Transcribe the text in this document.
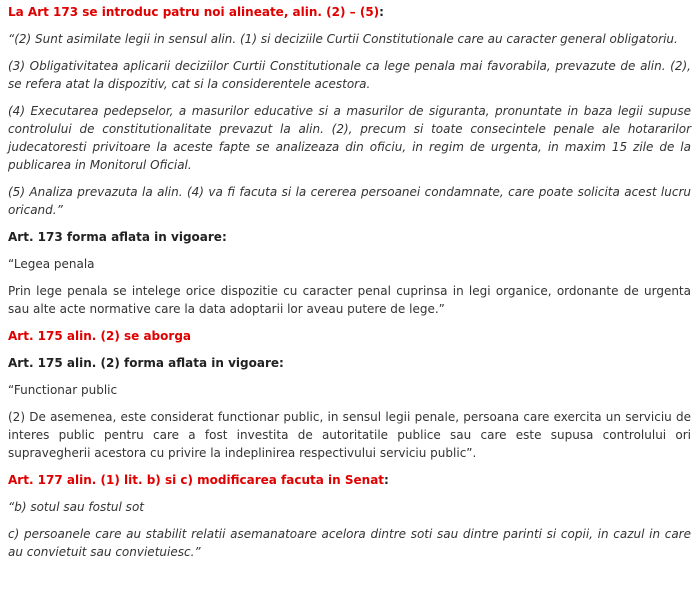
La Art 173 se introduc patru noi alineate, alin. (2) – (5):

“(2) Sunt asimilate legii in sensul alin. (1) si deciziile Curtii Constitutionale care au caracter general obligatoriu.

(3) Obligativitatea aplicarii deciziilor Curtii Constitutionale ca lege penala mai favorabila, prevazute de alin. (2), se refera atat la dispozitiv, cat si la considerentele acestora.

(4) Executarea pedepselor, a masurilor educative si a masurilor de siguranta, pronuntate in baza legii supuse controlului de constitutionalitate prevazut la alin. (2), precum si toate consecintele penale ale hotararilor judecatoresti privitoare la aceste fapte se analizeaza din oficiu, in regim de urgenta, in maxim 15 zile de la publicarea in Monitorul Oficial.

(5) Analiza prevazuta la alin. (4) va fi facuta si la cererea persoanei condamnate, care poate solicita acest lucru oricand.”

Art. 173 forma aflata in vigoare:

“Legea penala

Prin lege penala se intelege orice dispozitie cu caracter penal cuprinsa in legi organice, ordonante de urgenta sau alte acte normative care la data adoptarii lor aveau putere de lege.”

Art. 175 alin. (2) se aborga

Art. 175 alin. (2) forma aflata in vigoare:

“Functionar public

(2) De asemenea, este considerat functionar public, in sensul legii penale, persoana care exercita un serviciu de interes public pentru care a fost investita de autoritatile publice sau care este supusa controlului ori supravegherii acestora cu privire la indeplinirea respectivului serviciu public”.

Art. 177 alin. (1) lit. b) si c) modificarea facuta in Senat:

“b) sotul sau fostul sot

c) persoanele care au stabilit relatii asemanatoare acelora dintre soti sau dintre parinti si copii, in cazul in care au convietuit sau convietuiesc.”
